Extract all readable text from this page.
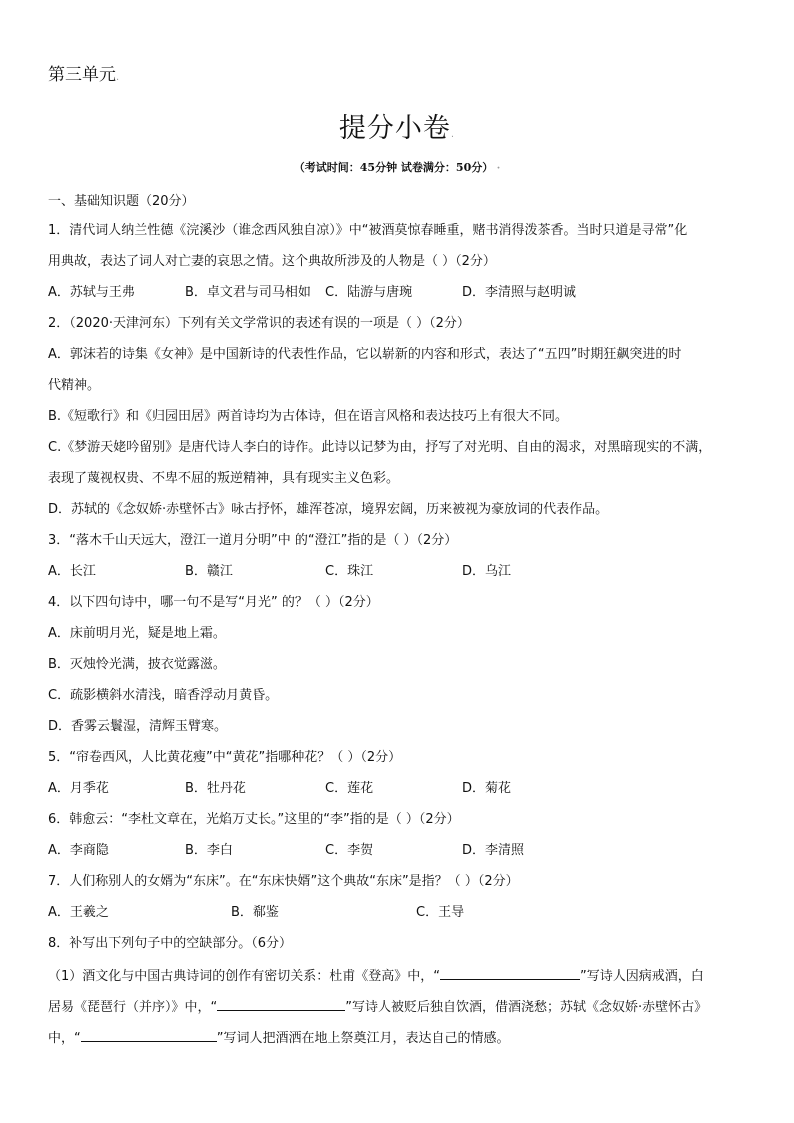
第三单元.
提分小卷.
（考试时间：45分钟 试卷满分：50分） ·
一、基础知识题（20分）
1．清代词人纳兰性德《浣溪沙（谁念西风独自凉）》中“被酒莫惊春睡重，赌书消得泼茶香。当时只道是寻常”化
用典故，表达了词人对亡妻的哀思之情。这个典故所涉及的人物是（ ）（2分）
A．苏轼与王弗	B．卓文君与司马相如 C．陆游与唐琬	D．李清照与赵明诚
2．（2020·天津河东）下列有关文学常识的表述有误的一项是（ ）（2分）
A．郭沫若的诗集《女神》是中国新诗的代表性作品，它以崭新的内容和形式，表达了“五四”时期狂飙突进的时
代精神。
B.《短歌行》和《归园田居》两首诗均为古体诗，但在语言风格和表达技巧上有很大不同。
C.《梦游天姥吟留别》是唐代诗人李白的诗作。此诗以记梦为由，抒写了对光明、自由的渴求，对黑暗现实的不满，
表现了蔑视权贵、不卑不屈的叛逆精神，具有现实主义色彩。
D．苏轼的《念奴娇·赤壁怀古》咏古抒怀，雄浑苍凉，境界宏阔，历来被视为豪放词的代表作品。
3．“落木千山天远大，澄江一道月分明”中 的“澄江”指的是（ ）（2分）
A．长江	B．赣江	C．珠江	D．乌江
4．以下四句诗中，哪一句不是写“月光” 的？（ ）（2分）
A．床前明月光，疑是地上霜。
B．灭烛怜光满，披衣觉露滋。
C．疏影横斜水清浅，暗香浮动月黄昏。
D．香雾云鬟湿，清辉玉臂寒。
5．“帘卷西风，人比黄花瘦”中“黄花”指哪种花？（ ）（2分）
A．月季花	B．牡丹花	C．莲花	D．菊花
6．韩愈云：“李杜文章在，光焰万丈长。”这里的“李”指的是（ ）（2分）
A．李商隐	B．李白	C．李贺	D．李清照
7．人们称别人的女婿为“东床”。在“东床快婿”这个典故“东床”是指？（ ）（2分）
A．王羲之	B．郗鉴	C．王导
8．补写出下列句子中的空缺部分。（6分）
（1）酒文化与中国古典诗词的创作有密切关系：杜甫《登高》中，“	”写诗人因病戒酒，白
居易《琵琶行（并序）》中，“	”写诗人被贬后独自饮酒，借酒浇愁；苏轼《念奴娇·赤壁怀古》
中，“	”写词人把酒洒在地上祭奠江月，表达自己的情感。
